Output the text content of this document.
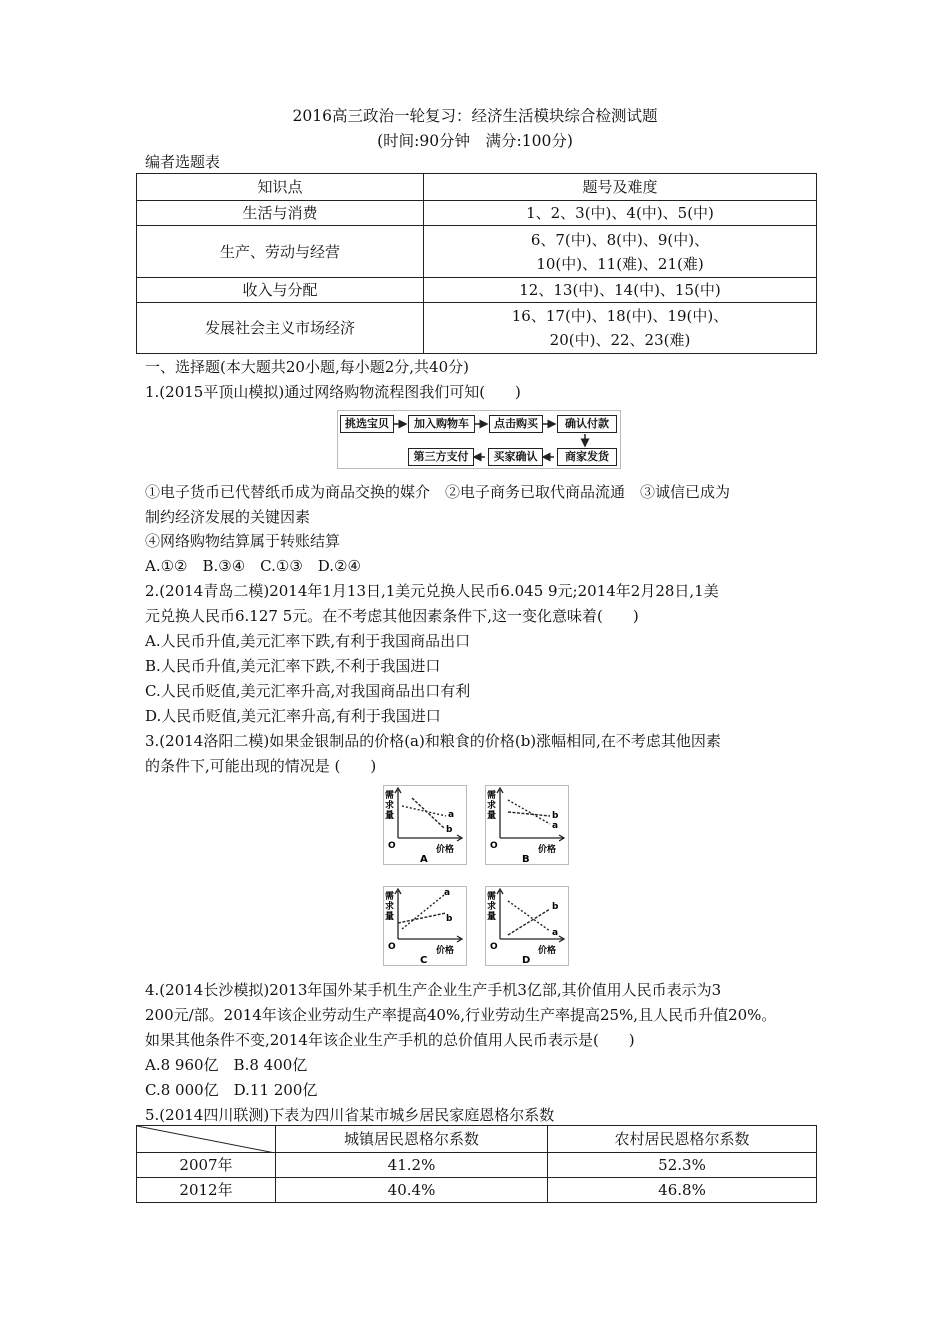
2016高三政治一轮复习：经济生活模块综合检测试题
(时间:90分钟　满分:100分)
编者选题表
知识点	题号及难度
生活与消费	1、2、3(中)、4(中)、5(中)

生产、劳动与经营	6、7(中)、8(中)、9(中)、
10(中)、11(难)、21(难)

收入与分配	12、13(中)、14(中)、15(中)

发展社会主义市场经济	16、17(中)、18(中)、19(中)、
20(中)、22、23(难)
一、选择题(本大题共20小题,每小题2分,共40分)
1.(2015平顶山模拟)通过网络购物流程图我们可知(　　)
挑选宝贝	加入购物车	点击购买	确认付款
商家发货
买家确认
第三方支付
①电子货币已代替纸币成为商品交换的媒介　②电子商务已取代商品流通　③诚信已成为
制约经济发展的关键因素
④网络购物结算属于转账结算
A.①②　B.③④　C.①③　D.②④
2.(2014青岛二模)2014年1月13日,1美元兑换人民币6.045 9元;2014年2月28日,1美
元兑换人民币6.127 5元。在不考虑其他因素条件下,这一变化意味着(　　)
A.人民币升值,美元汇率下跌,有利于我国商品出口
B.人民币升值,美元汇率下跌,不利于我国进口
C.人民币贬值,美元汇率升高,对我国商品出口有利
D.人民币贬值,美元汇率升高,有利于我国进口
3.(2014洛阳二模)如果金银制品的价格(a)和粮食的价格(b)涨幅相同,在不考虑其他因素
的条件下,可能出现的情况是 (　　)
a
b
需
求
量
O	价格
A
a
b
需
求
量
O	价格
B
a
b
需
求
量
O	价格
C
a
b
需
求
量
O	价格
D
4.(2014长沙模拟)2013年国外某手机生产企业生产手机3亿部,其价值用人民币表示为3
200元/部。2014年该企业劳动生产率提高40%,行业劳动生产率提高25%,且人民币升值20%。
如果其他条件不变,2014年该企业生产手机的总价值用人民币表示是(　　)
A.8 960亿　B.8 400亿
C.8 000亿　D.11 200亿
5.(2014四川联测)下表为四川省某市城乡居民家庭恩格尔系数
	城镇居民恩格尔系数	农村居民恩格尔系数
2007年	41.2%	52.3%
2012年	40.4%	46.8%
